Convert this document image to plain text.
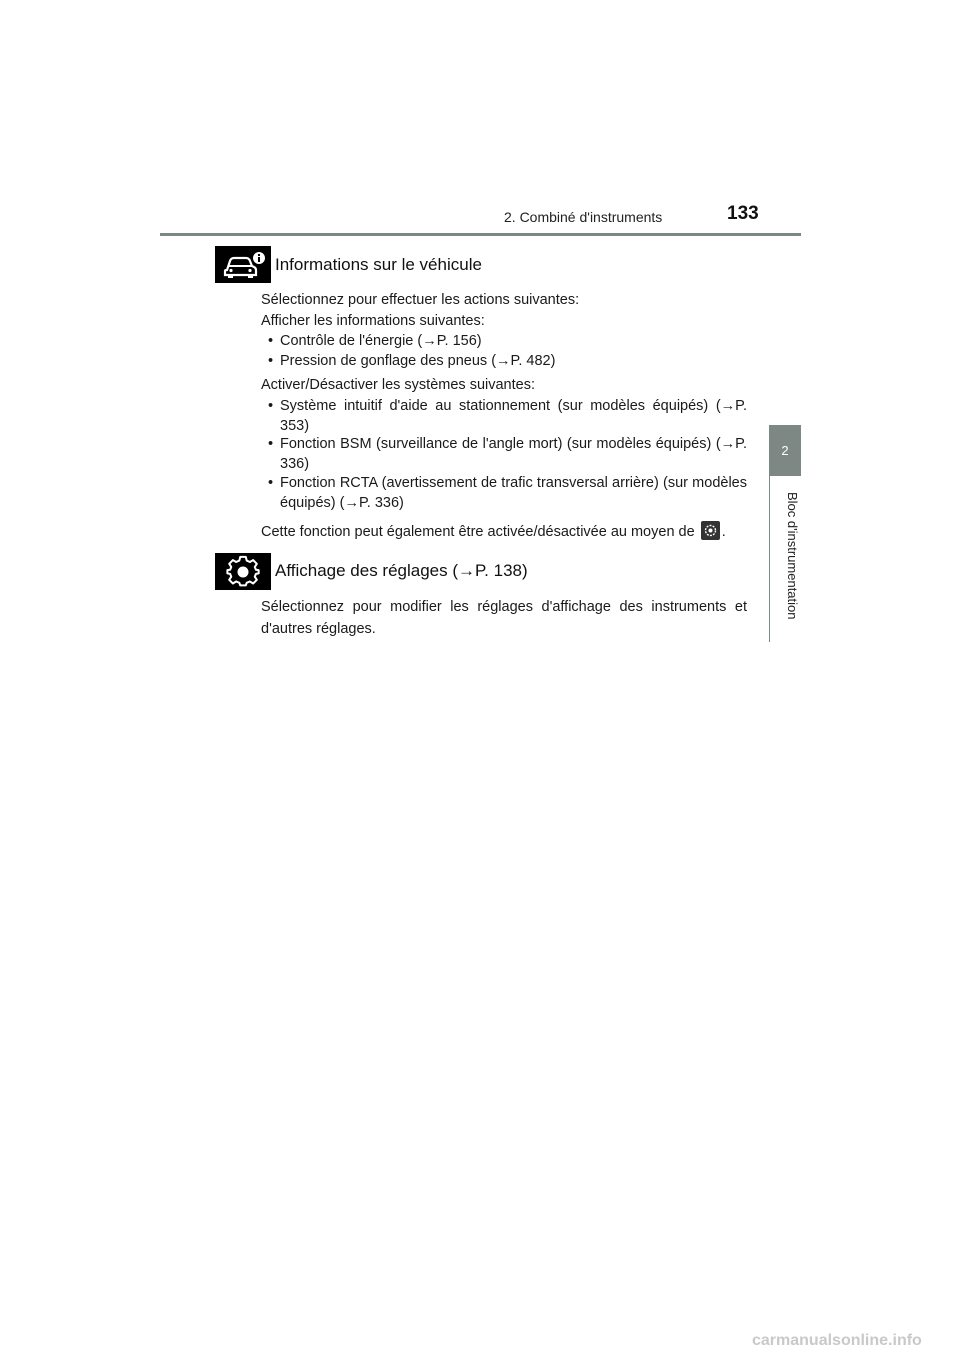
2. Combiné d'instruments	133
2
Bloc d'instrumentation
Informations sur le véhicule
Sélectionnez pour effectuer les actions suivantes:
Afficher les informations suivantes:
• Contrôle de l'énergie (→P. 156)
• Pression de gonflage des pneus (→P. 482)
Activer/Désactiver les systèmes suivantes:
• Système intuitif d'aide au stationnement (sur modèles équipés) (→P. 353)
• Fonction BSM (surveillance de l'angle mort) (sur modèles équipés) (→P. 336)
• Fonction RCTA (avertissement de trafic transversal arrière) (sur modèles équipés) (→P. 336)
Cette fonction peut également être activée/désactivée au moyen de .
Affichage des réglages (→P. 138)
Sélectionnez pour modifier les réglages d'affichage des instruments et d'autres réglages.
carmanualsonline.info
